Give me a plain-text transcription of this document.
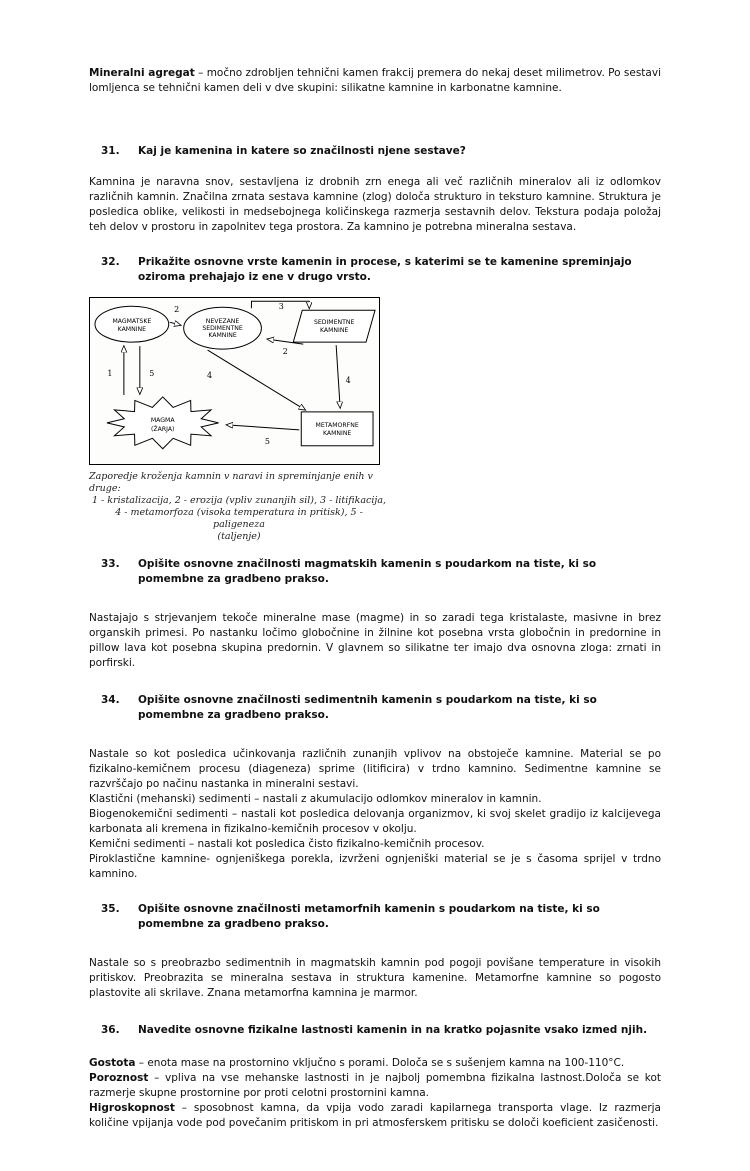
Mineralni agregat – močno zdrobljen tehnični kamen frakcij premera do nekaj deset milimetrov. Po sestavi lomljenca se tehnični kamen deli v dve skupini: silikatne kamnine in karbonatne kamnine.

31.	Kaj je kamenina in katere so značilnosti njene sestave?

Kamnina je naravna snov, sestavljena iz drobnih zrn enega ali več različnih mineralov ali iz odlomkov različnih kamnin. Značilna zrnata sestava kamnine (zlog) določa strukturo in teksturo kamnine. Struktura je posledica oblike, velikosti in medsebojnega količinskega razmerja sestavnih delov. Tekstura podaja položaj teh delov v prostoru in zapolnitev tega prostora. Za kamnino je potrebna mineralna sestava.

32.	Prikažite osnovne vrste kamenin in procese, s katerimi se te kamenine spreminjajo oziroma prehajajo iz ene v drugo vrsto.
MAGMATSKE
KAMNINE
NEVEZANE
SEDIMENTNE
KAMNINE
SEDIMENTNE
KAMNINE
MAGMA
(ŽARJA)
METAMORFNE
KAMNINE
2	3
2
1	5	4
4
5
Zaporedje kroženja kamnin v naravi in spreminjanje enih v druge:
1 - kristalizacija, 2 - erozija (vpliv zunanjih sil), 3 - litifikacija,
4 - metamorfoza (visoka temperatura in pritisk), 5 - paligeneza
(taljenje)
33.	Opišite osnovne značilnosti magmatskih kamenin s poudarkom na tiste, ki so pomembne za gradbeno prakso.

Nastajajo s strjevanjem tekoče mineralne mase (magme) in so zaradi tega kristalaste, masivne in brez organskih primesi. Po nastanku ločimo globočnine in žilnine kot posebna vrsta globočnin in predornine in pillow lava kot posebna skupina predornin. V glavnem so silikatne ter imajo dva osnovna zloga: zrnati in porfirski.

34.	Opišite osnovne značilnosti sedimentnih kamenin s poudarkom na tiste, ki so pomembne za gradbeno prakso.

Nastale so kot posledica učinkovanja različnih zunanjih vplivov na obstoječe kamnine. Material se po fizikalno-kemičnem procesu (diageneza) sprime (litificira) v trdno kamnino. Sedimentne kamnine se razvrščajo po načinu nastanka in mineralni sestavi.

Klastični (mehanski) sedimenti – nastali z akumulacijo odlomkov mineralov in kamnin.

Biogenokemični sedimenti – nastali kot posledica delovanja organizmov, ki svoj skelet gradijo iz kalcijevega karbonata ali kremena in fizikalno-kemičnih procesov v okolju.

Kemični sedimenti – nastali kot posledica čisto fizikalno-kemičnih procesov.

Piroklastične kamnine- ognjeniškega porekla, izvrženi ognjeniški material se je s časoma sprijel v trdno kamnino.

35.	Opišite osnovne značilnosti metamorfnih kamenin s poudarkom na tiste, ki so pomembne za gradbeno prakso.

Nastale so s preobrazbo sedimentnih in magmatskih kamnin pod pogoji povišane temperature in visokih pritiskov. Preobrazita se mineralna sestava in struktura kamenine. Metamorfne kamnine so pogosto plastovite ali skrilave. Znana metamorfna kamnina je marmor.

36.	Navedite osnovne fizikalne lastnosti kamenin in na kratko pojasnite vsako izmed njih.

Gostota – enota mase na prostornino vključno s porami. Določa se s sušenjem kamna na 100-110°C.

Poroznost – vpliva na vse mehanske lastnosti in je najbolj pomembna fizikalna lastnost.Določa se kot razmerje skupne prostornine por proti celotni prostornini kamna.

Higroskopnost – sposobnost kamna, da vpija vodo zaradi kapilarnega transporta vlage. Iz razmerja količine vpijanja vode pod povečanim pritiskom in pri atmosferskem pritisku se določi koeficient zasičenosti.
